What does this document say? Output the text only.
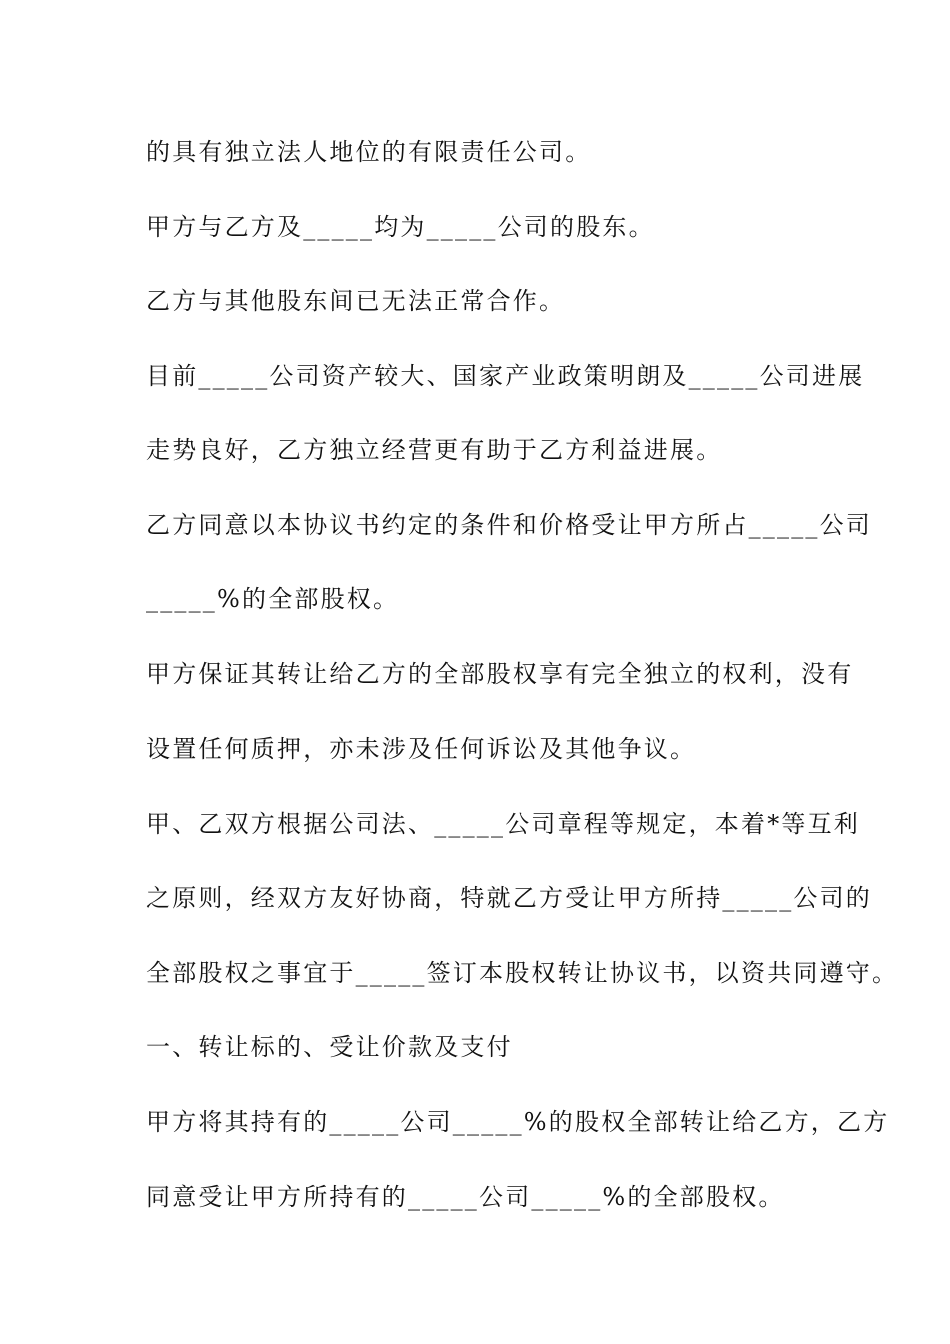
的具有独立法人地位的有限责任公司。
甲方与乙方及_____均为_____公司的股东。
乙方与其他股东间已无法正常合作。
目前_____公司资产较大、国家产业政策明朗及_____公司进展
走势良好，乙方独立经营更有助于乙方利益进展。
乙方同意以本协议书约定的条件和价格受让甲方所占_____公司
_____%的全部股权。
甲方保证其转让给乙方的全部股权享有完全独立的权利，没有
设置任何质押，亦未涉及任何诉讼及其他争议。
甲、乙双方根据公司法、_____公司章程等规定，本着*等互利
之原则，经双方友好协商，特就乙方受让甲方所持_____公司的
全部股权之事宜于_____签订本股权转让协议书，以资共同遵守。
一、转让标的、受让价款及支付
甲方将其持有的_____公司_____%的股权全部转让给乙方，乙方
同意受让甲方所持有的_____公司_____%的全部股权。
